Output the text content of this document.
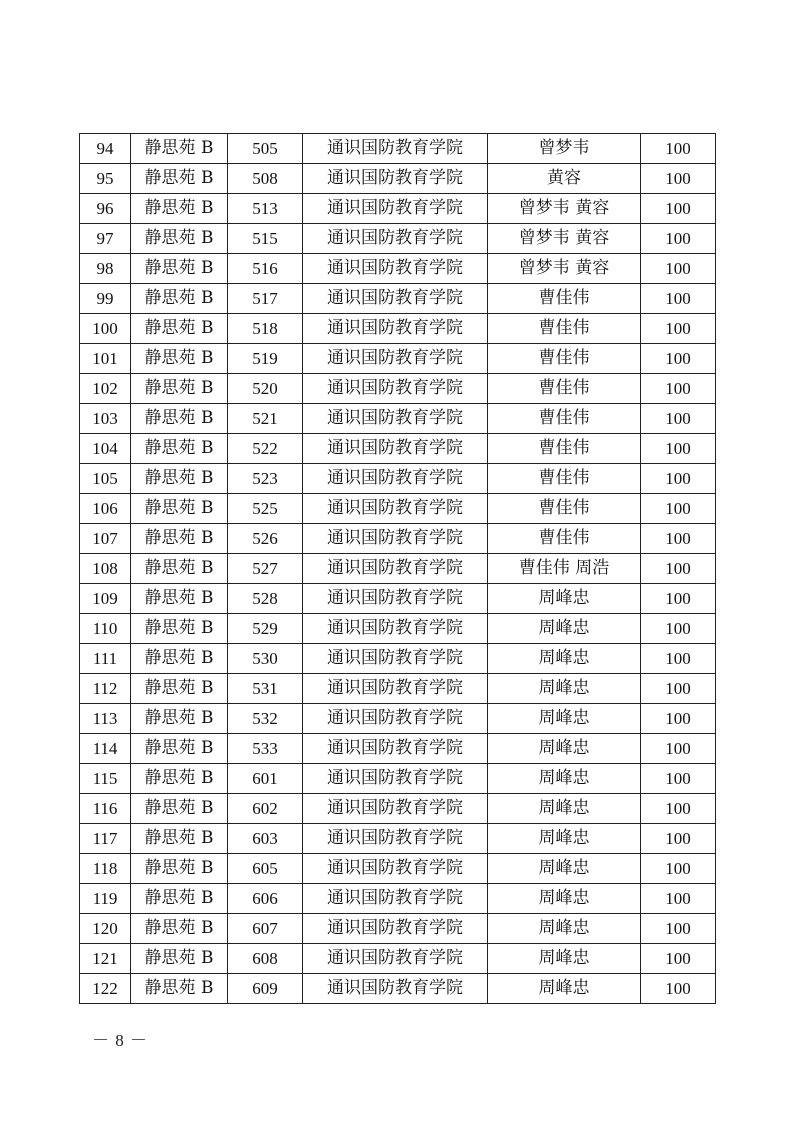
94	静思苑 B	505	通识国防教育学院	曾梦韦	100
95	静思苑 B	508	通识国防教育学院	黄容	100
96	静思苑 B	513	通识国防教育学院	曾梦韦 黄容	100
97	静思苑 B	515	通识国防教育学院	曾梦韦 黄容	100
98	静思苑 B	516	通识国防教育学院	曾梦韦 黄容	100
99	静思苑 B	517	通识国防教育学院	曹佳伟	100
100	静思苑 B	518	通识国防教育学院	曹佳伟	100
101	静思苑 B	519	通识国防教育学院	曹佳伟	100
102	静思苑 B	520	通识国防教育学院	曹佳伟	100
103	静思苑 B	521	通识国防教育学院	曹佳伟	100
104	静思苑 B	522	通识国防教育学院	曹佳伟	100
105	静思苑 B	523	通识国防教育学院	曹佳伟	100
106	静思苑 B	525	通识国防教育学院	曹佳伟	100
107	静思苑 B	526	通识国防教育学院	曹佳伟	100
108	静思苑 B	527	通识国防教育学院	曹佳伟 周浩	100
109	静思苑 B	528	通识国防教育学院	周峰忠	100
110	静思苑 B	529	通识国防教育学院	周峰忠	100
111	静思苑 B	530	通识国防教育学院	周峰忠	100
112	静思苑 B	531	通识国防教育学院	周峰忠	100
113	静思苑 B	532	通识国防教育学院	周峰忠	100
114	静思苑 B	533	通识国防教育学院	周峰忠	100
115	静思苑 B	601	通识国防教育学院	周峰忠	100
116	静思苑 B	602	通识国防教育学院	周峰忠	100
117	静思苑 B	603	通识国防教育学院	周峰忠	100
118	静思苑 B	605	通识国防教育学院	周峰忠	100
119	静思苑 B	606	通识国防教育学院	周峰忠	100
120	静思苑 B	607	通识国防教育学院	周峰忠	100
121	静思苑 B	608	通识国防教育学院	周峰忠	100
122	静思苑 B	609	通识国防教育学院	周峰忠	100
－ 8 －
